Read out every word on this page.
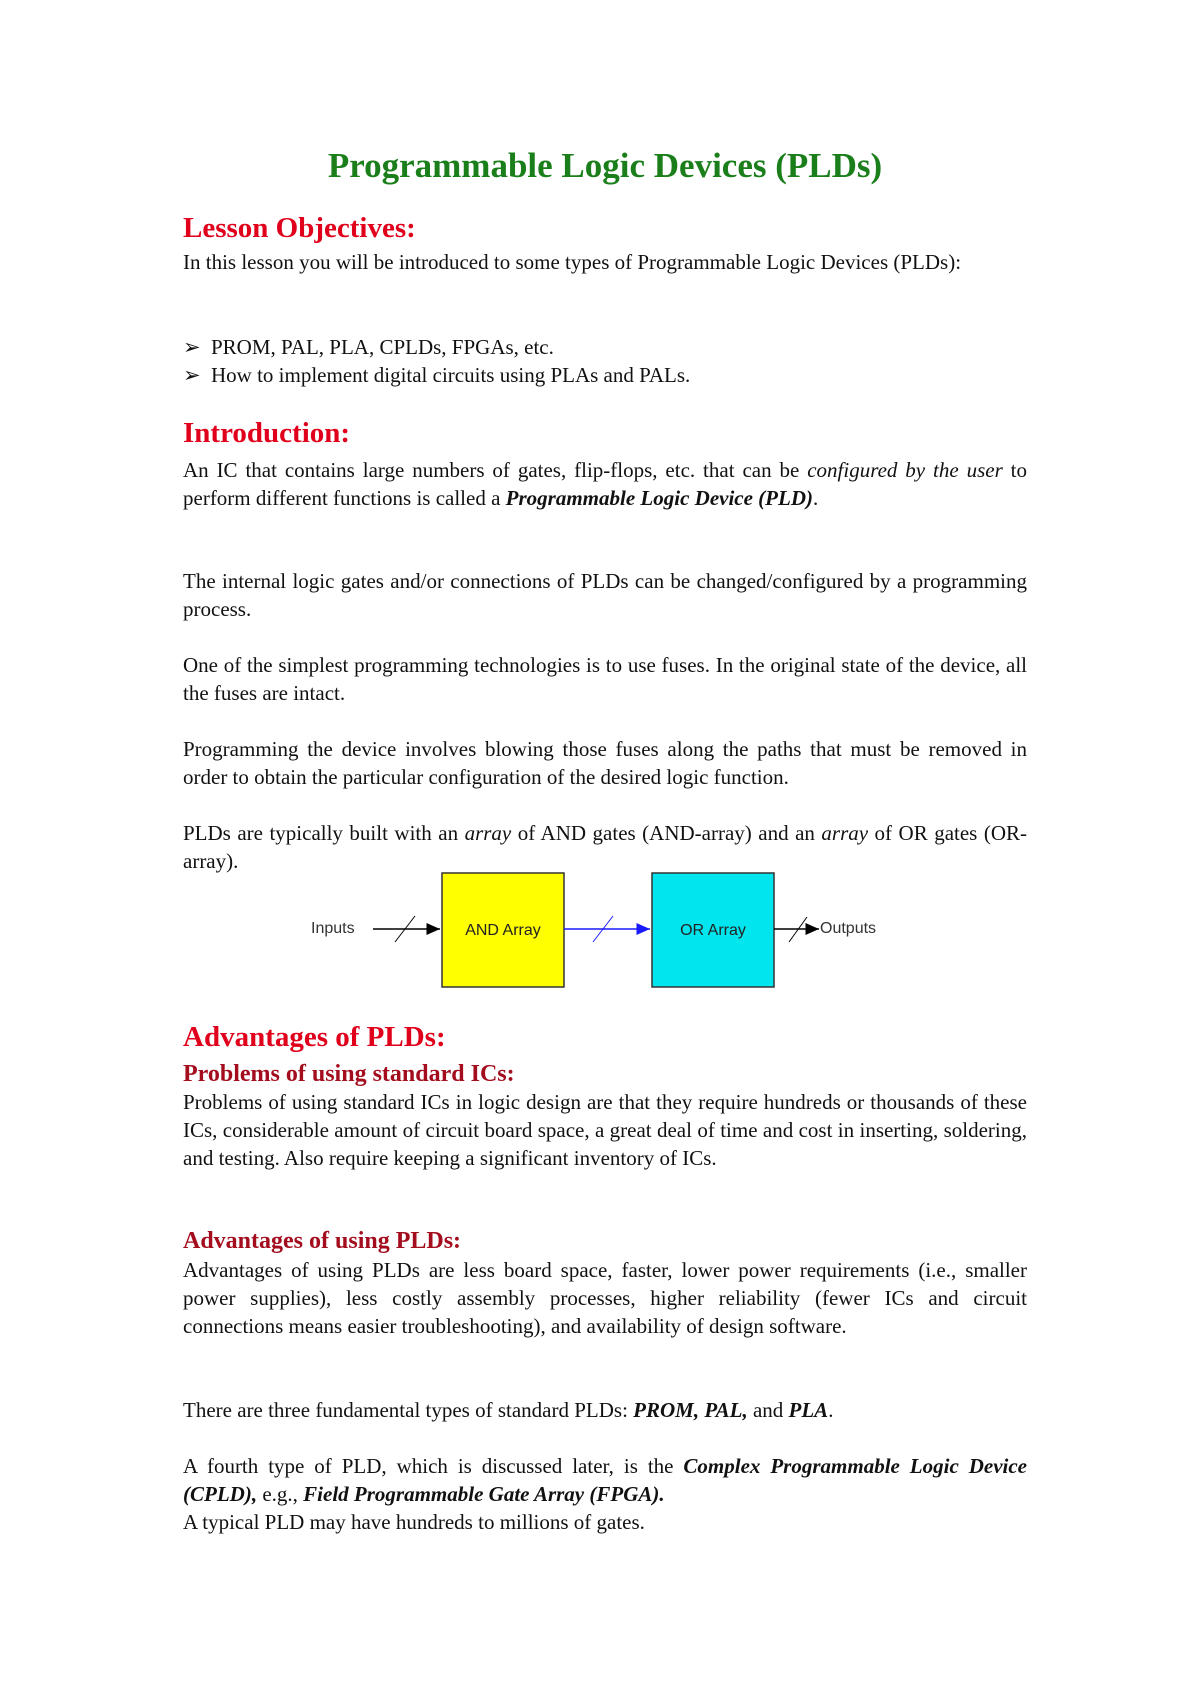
Programmable Logic Devices (PLDs)
Lesson Objectives:

In this lesson you will be introduced to some types of Programmable Logic Devices (PLDs):

➢ PROM, PAL, PLA, CPLDs, FPGAs, etc.
➢ How to implement digital circuits using PLAs and PALs.
Introduction:

An IC that contains large numbers of gates, flip-flops, etc. that can be configured by the user to perform different functions is called a Programmable Logic Device (PLD).

The internal logic gates and/or connections of PLDs can be changed/configured by a programming process.

One of the simplest programming technologies is to use fuses. In the original state of the device, all the fuses are intact.

Programming the device involves blowing those fuses along the paths that must be removed in order to obtain the particular configuration of the desired logic function.

PLDs are typically built with an array of AND gates (AND-array) and an array of OR gates (OR-array).

Inputs	AND Array	OR Array	Outputs
Advantages of PLDs:
Problems of using standard ICs:

Problems of using standard ICs in logic design are that they require hundreds or thousands of these ICs, considerable amount of circuit board space, a great deal of time and cost in inserting, soldering, and testing. Also require keeping a significant inventory of ICs.

Advantages of using PLDs:

Advantages of using PLDs are less board space, faster, lower power requirements (i.e., smaller power supplies), less costly assembly processes, higher reliability (fewer ICs and circuit connections means easier troubleshooting), and availability of design software.

There are three fundamental types of standard PLDs: PROM, PAL, and PLA.

A fourth type of PLD, which is discussed later, is the Complex Programmable Logic Device (CPLD), e.g., Field Programmable Gate Array (FPGA).

A typical PLD may have hundreds to millions of gates.
